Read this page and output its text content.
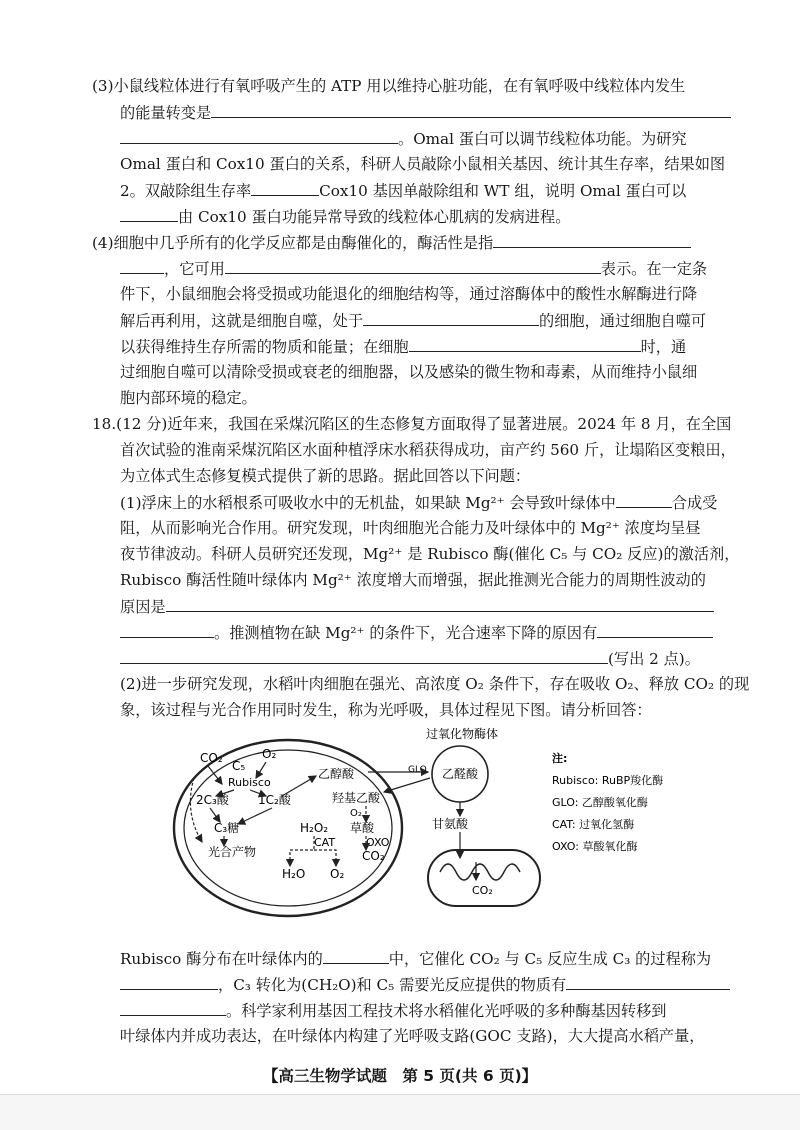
(3)小鼠线粒体进行有氧呼吸产生的 ATP 用以维持心脏功能，在有氧呼吸中线粒体内发生
的能量转变是
。Omal 蛋白可以调节线粒体功能。为研究
Omal 蛋白和 Cox10 蛋白的关系，科研人员敲除小鼠相关基因、统计其生存率，结果如图
2。双敲除组生存率	Cox10 基因单敲除组和 WT 组，说明 Omal 蛋白可以
由 Cox10 蛋白功能异常导致的线粒体心肌病的发病进程。
(4)细胞中几乎所有的化学反应都是由酶催化的，酶活性是指
，它可用	表示。在一定条
件下，小鼠细胞会将受损或功能退化的细胞结构等，通过溶酶体中的酸性水解酶进行降
解后再利用，这就是细胞自噬，处于	的细胞，通过细胞自噬可
以获得维持生存所需的物质和能量；在细胞	时，通
过细胞自噬可以清除受损或衰老的细胞器，以及感染的微生物和毒素，从而维持小鼠细
胞内部环境的稳定。
18.(12 分)近年来，我国在采煤沉陷区的生态修复方面取得了显著进展。2024 年 8 月，在全国
首次试验的淮南采煤沉陷区水面种植浮床水稻获得成功，亩产约 560 斤，让塌陷区变粮田，
为立体式生态修复模式提供了新的思路。据此回答以下问题：
(1)浮床上的水稻根系可吸收水中的无机盐，如果缺 Mg²⁺ 会导致叶绿体中	合成受
阻，从而影响光合作用。研究发现，叶肉细胞光合能力及叶绿体中的 Mg²⁺ 浓度均呈昼
夜节律波动。科研人员研究还发现，Mg²⁺ 是 Rubisco 酶(催化 C₅ 与 CO₂ 反应)的激活剂，
Rubisco 酶活性随叶绿体内 Mg²⁺ 浓度增大而增强，据此推测光合能力的周期性波动的
原因是
。推测植物在缺 Mg²⁺ 的条件下，光合速率下降的原因有
(写出 2 点)。
(2)进一步研究发现，水稻叶肉细胞在强光、高浓度 O₂ 条件下，存在吸收 O₂、释放 CO₂ 的现
象，该过程与光合作用同时发生，称为光呼吸，具体过程见下图。请分析回答：
CO₂
C₅
O₂
Rubisco
2C₃酸 1C₂酸
C₃糖
光合产物
乙醇酸
羟基乙酸
O₂
H₂O₂ 草酸
CAT	OXO
CO₂
H₂O O₂
过氧化物酶体
乙醛酸
甘氨酸
CO₂
GLO
注:
Rubisco: RuBP羧化酶
GLO: 乙醇酸氧化酶
CAT: 过氧化氢酶
OXO: 草酸氧化酶
Rubisco 酶分布在叶绿体内的	中，它催化 CO₂ 与 C₅ 反应生成 C₃ 的过程称为
，C₃ 转化为(CH₂O)和 C₅ 需要光反应提供的物质有
。科学家利用基因工程技术将水稻催化光呼吸的多种酶基因转移到
叶绿体内并成功表达，在叶绿体内构建了光呼吸支路(GOC 支路)，大大提高水稻产量，
【高三生物学试题　第 5 页(共 6 页)】
